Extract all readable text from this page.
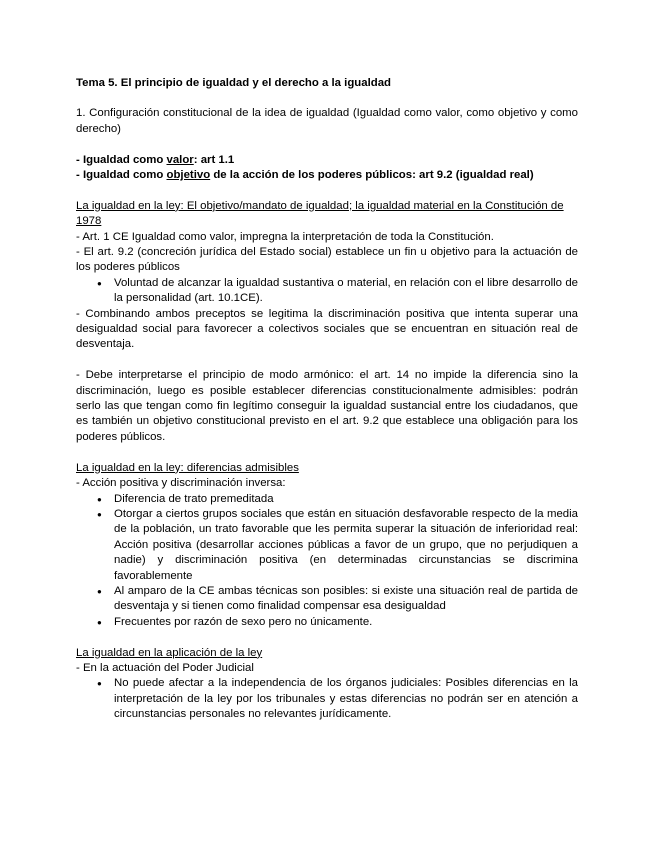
Tema 5. El principio de igualdad y el derecho a la igualdad

1. Configuración constitucional de la idea de igualdad (Igualdad como valor, como objetivo y como derecho)

- Igualdad como valor: art 1.1

- Igualdad como objetivo de la acción de los poderes públicos: art 9.2 (igualdad real)

La igualdad en la ley: El objetivo/mandato de igualdad; la igualdad material en la Constitución de 1978

- Art. 1 CE Igualdad como valor, impregna la interpretación de toda la Constitución.

- El art. 9.2 (concreción jurídica del Estado social) establece un fin u objetivo para la actuación de los poderes públicos

● Voluntad de alcanzar la igualdad sustantiva o material, en relación con el libre desarrollo de la personalidad (art. 10.1CE).

- Combinando ambos preceptos se legitima la discriminación positiva que intenta superar una desigualdad social para favorecer a colectivos sociales que se encuentran en situación real de desventaja.

- Debe interpretarse el principio de modo armónico: el art. 14 no impide la diferencia sino la discriminación, luego es posible establecer diferencias constitucionalmente admisibles: podrán serlo las que tengan como fin legítimo conseguir la igualdad sustancial entre los ciudadanos, que es también un objetivo constitucional previsto en el art. 9.2 que establece una obligación para los poderes públicos.

La igualdad en la ley: diferencias admisibles

- Acción positiva y discriminación inversa:

● Diferencia de trato premeditada
● Otorgar a ciertos grupos sociales que están en situación desfavorable respecto de la media de la población, un trato favorable que les permita superar la situación de inferioridad real: Acción positiva (desarrollar acciones públicas a favor de un grupo, que no perjudiquen a nadie) y discriminación positiva (en determinadas circunstancias se discrimina favorablemente
● Al amparo de la CE ambas técnicas son posibles: si existe una situación real de partida de desventaja y si tienen como finalidad compensar esa desigualdad
● Frecuentes por razón de sexo pero no únicamente.

La igualdad en la aplicación de la ley

- En la actuación del Poder Judicial

● No puede afectar a la independencia de los órganos judiciales: Posibles diferencias en la interpretación de la ley por los tribunales y estas diferencias no podrán ser en atención a circunstancias personales no relevantes jurídicamente.
